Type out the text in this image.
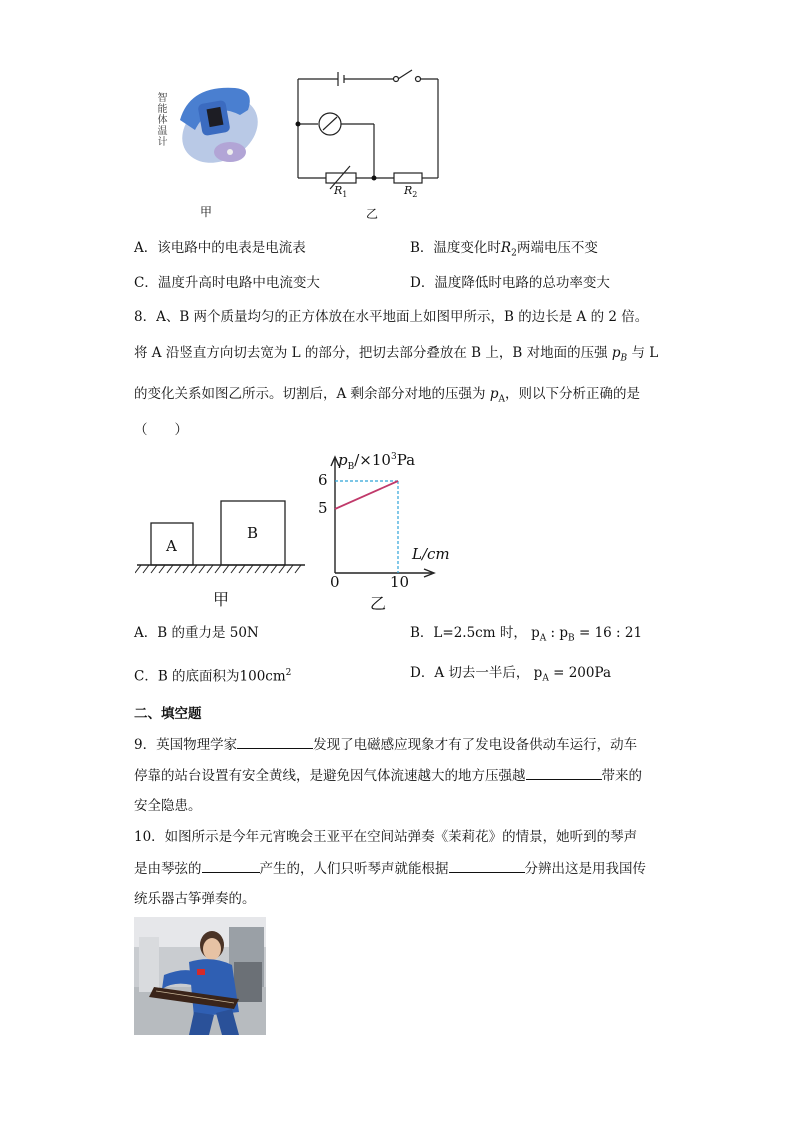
智能体温计
甲
$R_1$	$R_2$
乙
A．该电路中的电表是电流表	B．温度变化时$R_2$两端电压不变
C．温度升高时电路中电流变大	D．温度降低时电路的总功率变大
8．A、B 两个质量均匀的正方体放在水平地面上如图甲所示，B 的边长是 A 的 2 倍。
将 A 沿竖直方向切去宽为 L 的部分，把切去部分叠放在 B 上，B 对地面的压强 $p_B$ 与 L
的变化关系如图乙所示。切割后，A 剩余部分对地的压强为 $p_A$，则以下分析正确的是
（　　）
A
B
甲
$p_B/\times 10^3Pa$
6
5
0	10
L/cm
乙
A．B 的重力是 50N	B．L=2.5cm 时， $p_A$ : $p_B = 16$ : 21
C．B 的底面积为$100cm^2$	D．A 切去一半后， $p_A = 200Pa$
二、填空题
9．英国物理学家	发现了电磁感应现象才有了发电设备供动车运行，动车
停靠的站台设置有安全黄线，是避免因气体流速越大的地方压强越	带来的
安全隐患。
10．如图所示是今年元宵晚会王亚平在空间站弹奏《茉莉花》的情景，她听到的琴声
是由琴弦的	产生的，人们只听琴声就能根据	分辨出这是用我国传
统乐器古筝弹奏的。
